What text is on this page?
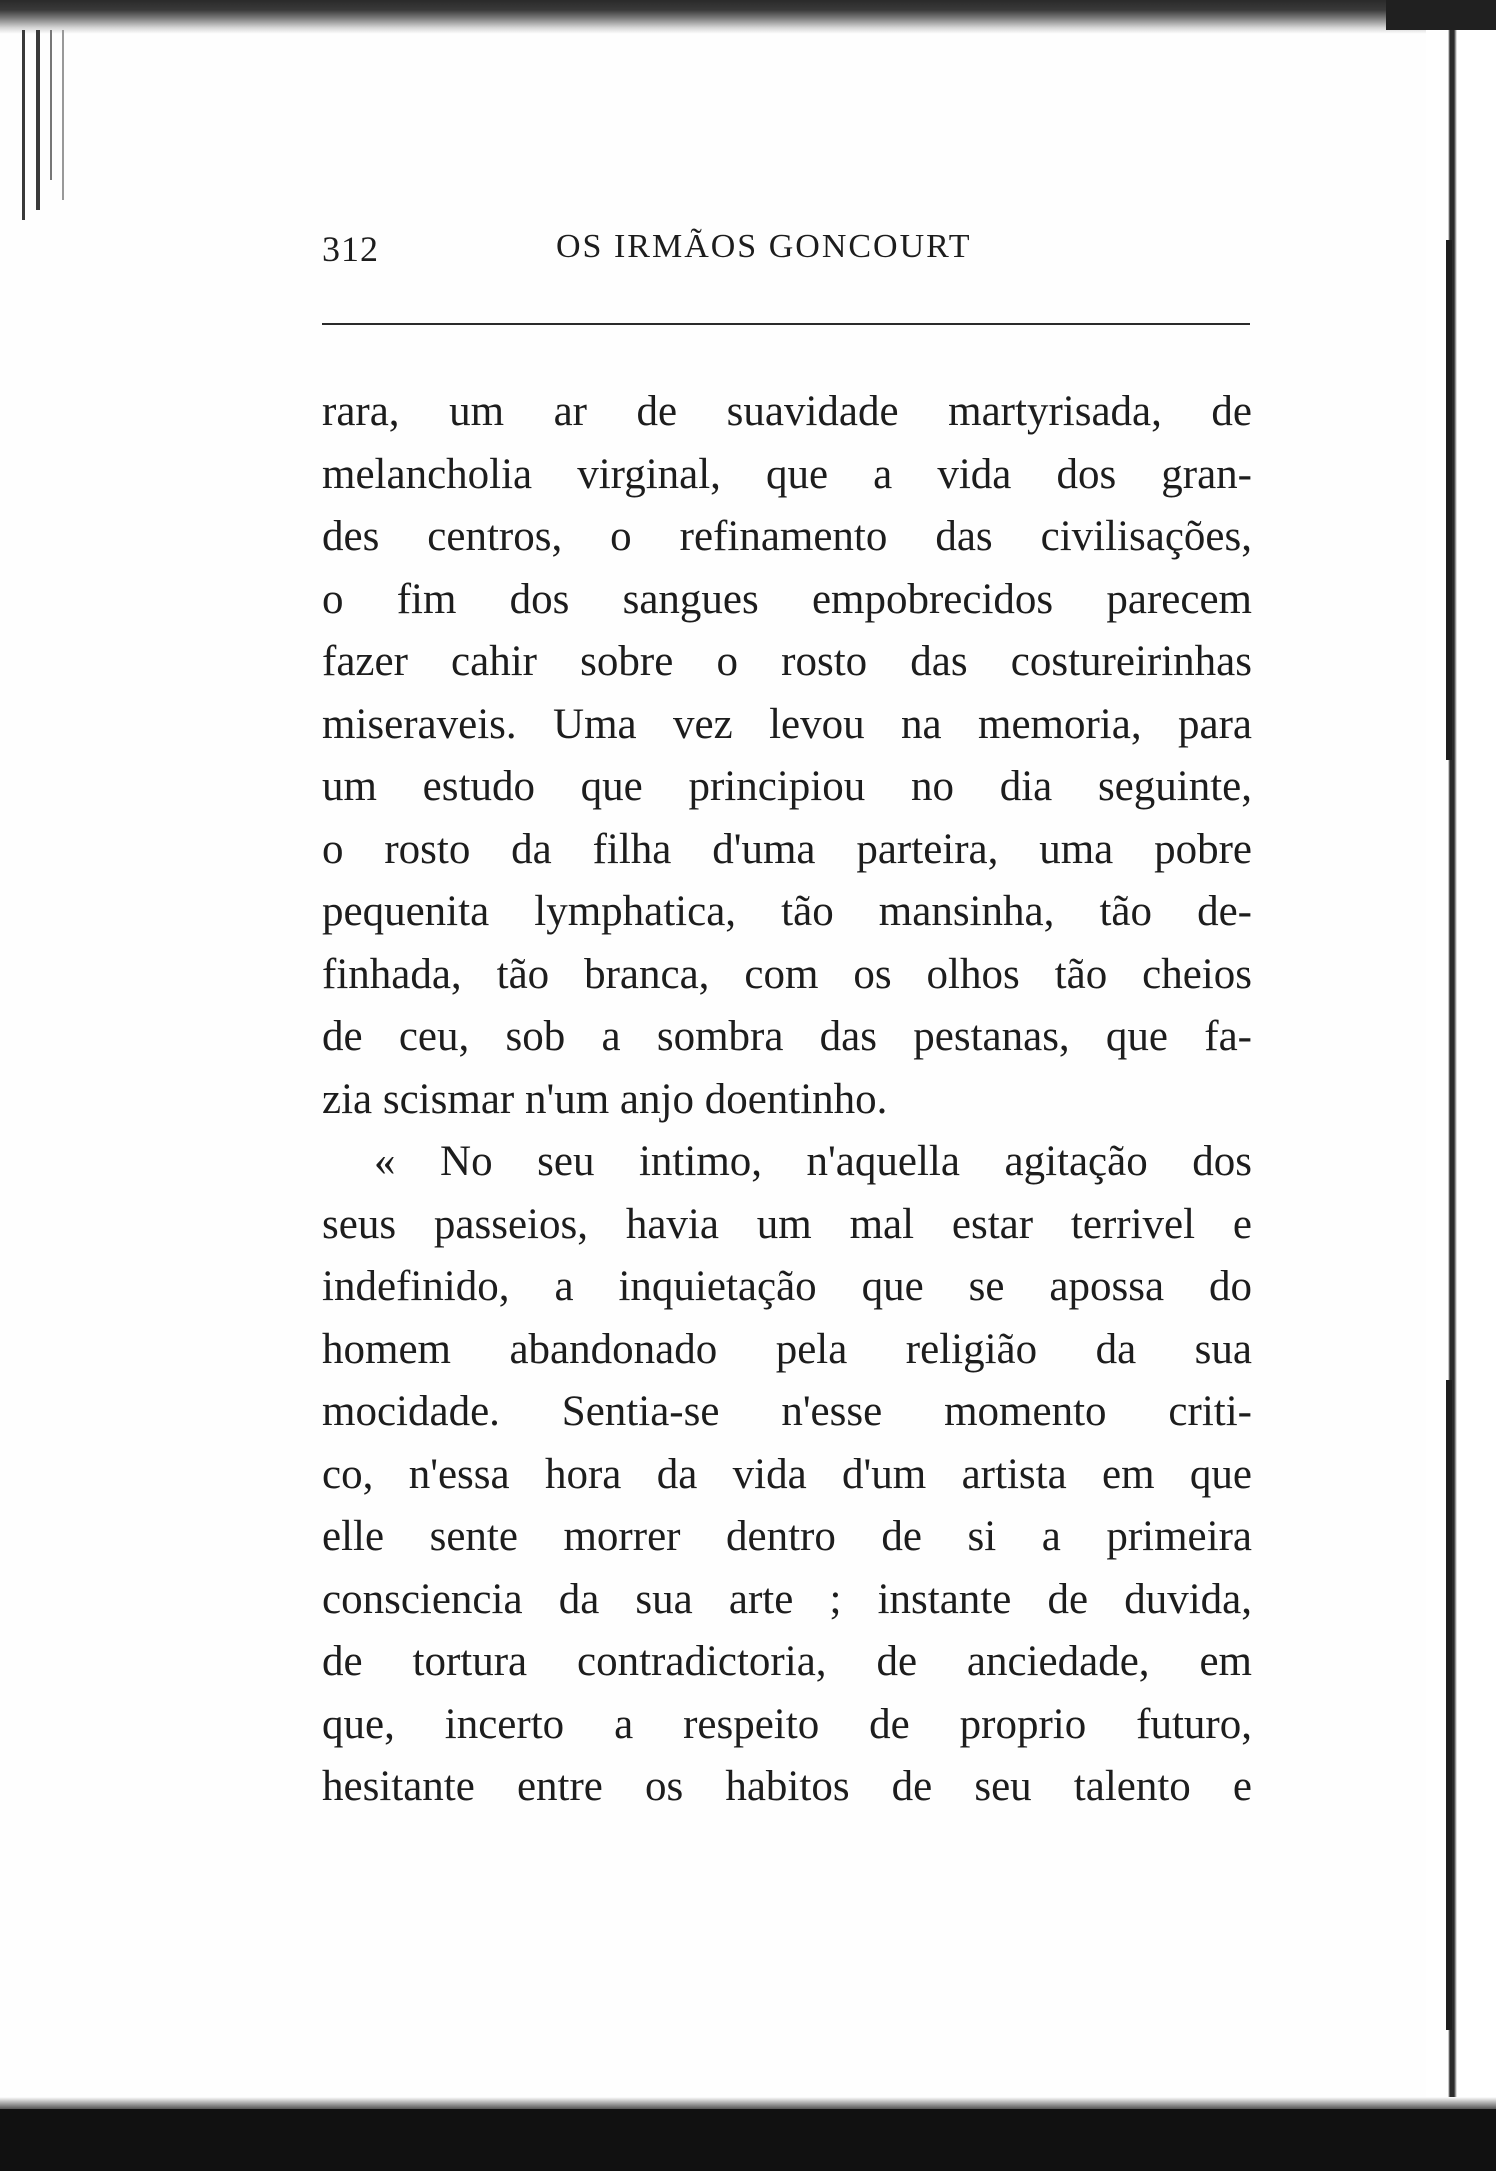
312	OS IRMÃOS GONCOURT
rara, um ar de suavidade martyrisada, de
melancholia virginal, que a vida dos gran-
des centros, o refinamento das civilisações,
o fim dos sangues empobrecidos parecem
fazer cahir sobre o rosto das costureirinhas
miseraveis. Uma vez levou na memoria, para
um estudo que principiou no dia seguinte,
o rosto da filha d'uma parteira, uma pobre
pequenita lymphatica, tão mansinha, tão de-
finhada, tão branca, com os olhos tão cheios
de ceu, sob a sombra das pestanas, que fa-
zia scismar n'um anjo doentinho.
« No seu intimo, n'aquella agitação dos
seus passeios, havia um mal estar terrivel e
indefinido, a inquietação que se apossa do
homem abandonado pela religião da sua
mocidade. Sentia-se n'esse momento criti-
co, n'essa hora da vida d'um artista em que
elle sente morrer dentro de si a primeira
consciencia da sua arte ; instante de duvida,
de tortura contradictoria, de anciedade, em
que, incerto a respeito de proprio futuro,
hesitante entre os habitos de seu talento e
